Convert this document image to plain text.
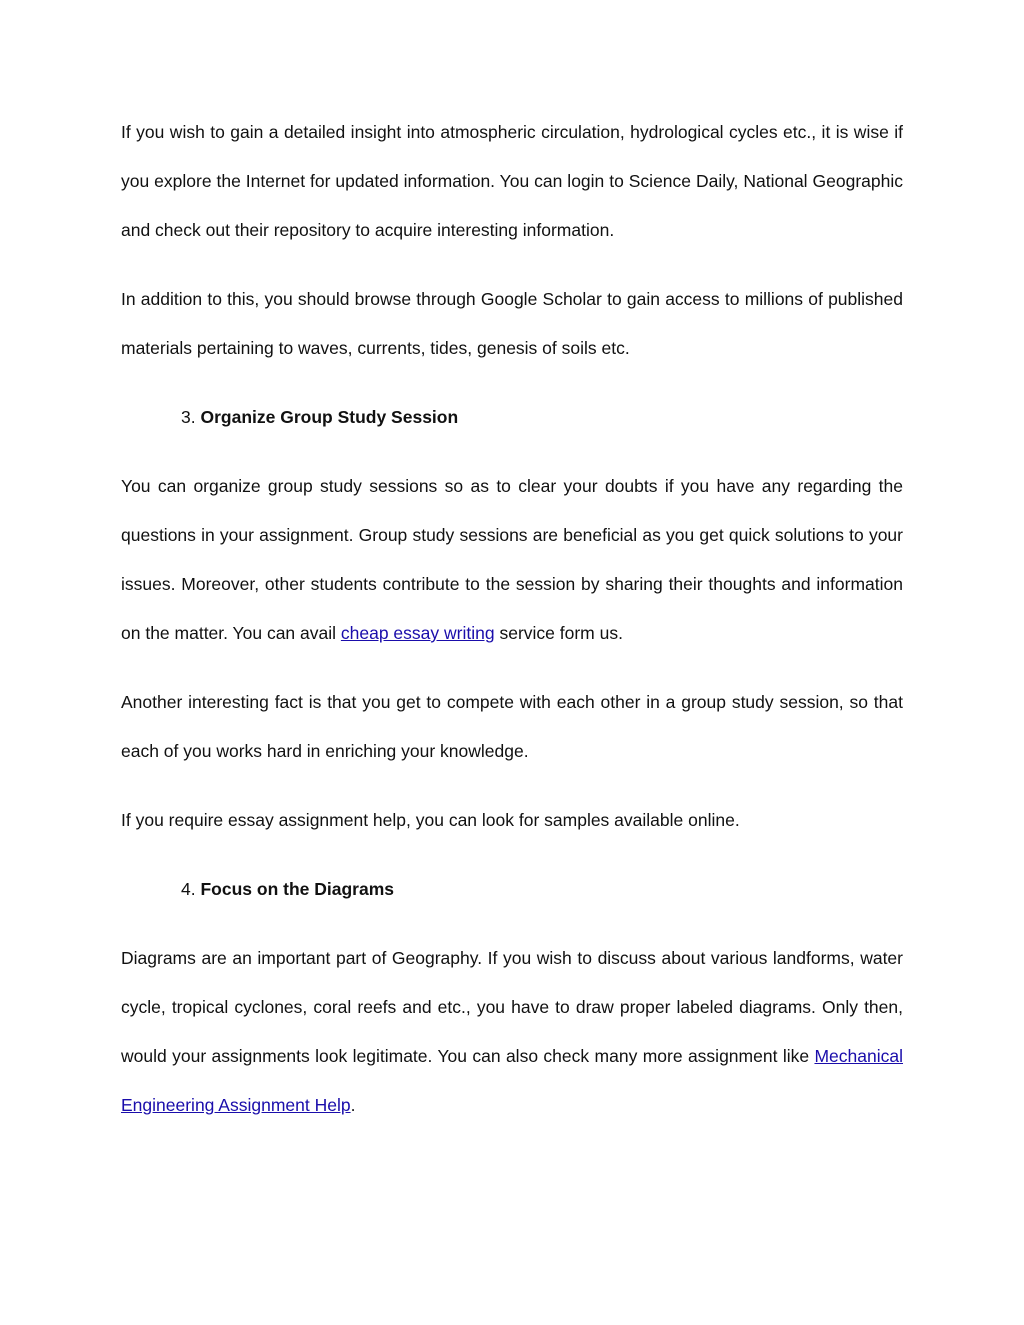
If you wish to gain a detailed insight into atmospheric circulation, hydrological cycles etc., it is wise if you explore the Internet for updated information. You can login to Science Daily, National Geographic and check out their repository to acquire interesting information.

In addition to this, you should browse through Google Scholar to gain access to millions of published materials pertaining to waves, currents, tides, genesis of soils etc.

3. Organize Group Study Session

You can organize group study sessions so as to clear your doubts if you have any regarding the questions in your assignment. Group study sessions are beneficial as you get quick solutions to your issues. Moreover, other students contribute to the session by sharing their thoughts and information on the matter. You can avail cheap essay writing service form us.

Another interesting fact is that you get to compete with each other in a group study session, so that each of you works hard in enriching your knowledge.

If you require essay assignment help, you can look for samples available online.

4. Focus on the Diagrams

Diagrams are an important part of Geography. If you wish to discuss about various landforms, water cycle, tropical cyclones, coral reefs and etc., you have to draw proper labeled diagrams. Only then, would your assignments look legitimate. You can also check many more assignment like Mechanical Engineering Assignment Help.
